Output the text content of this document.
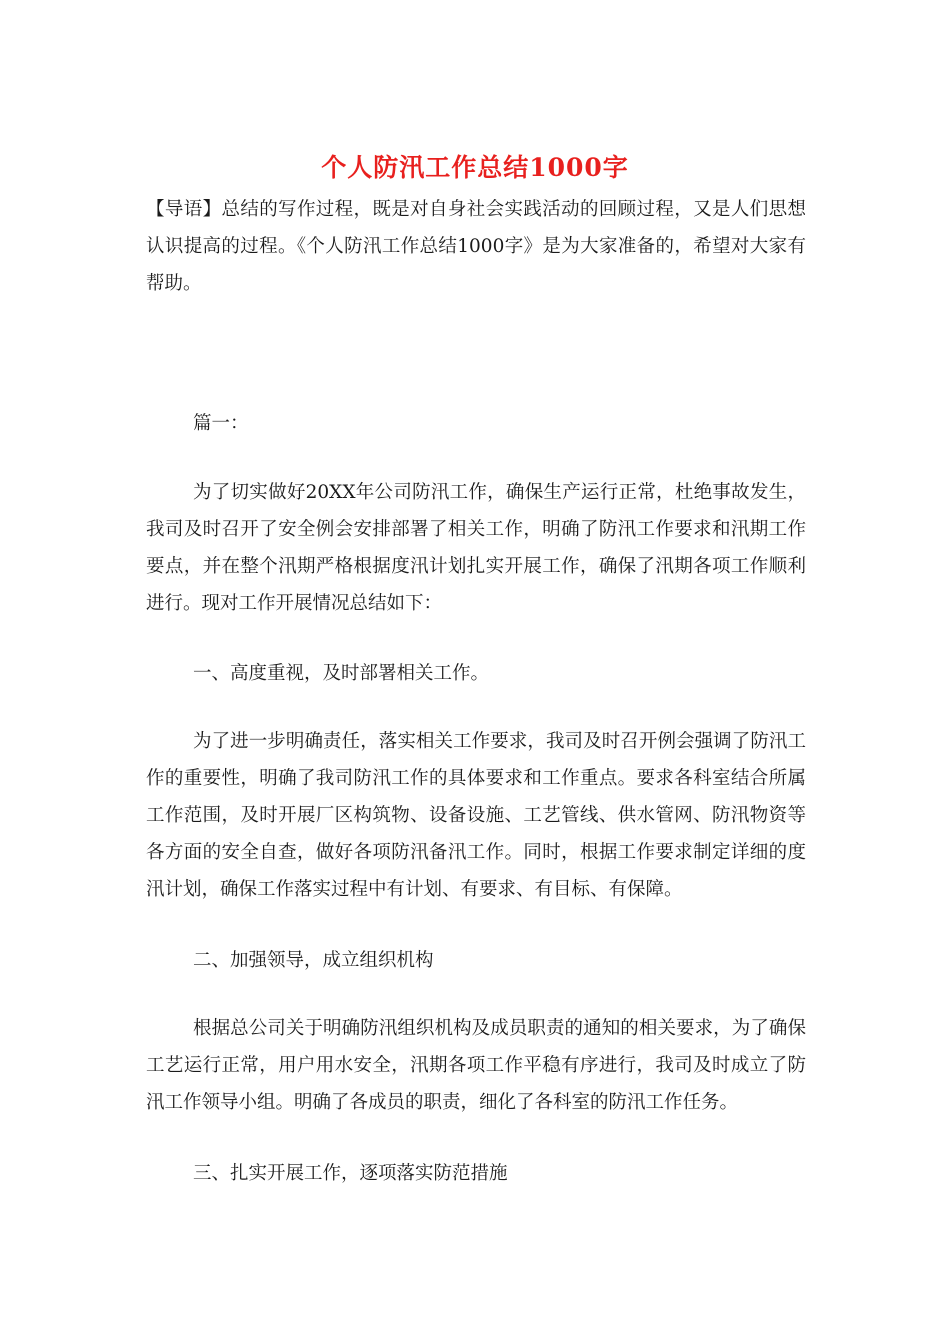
个人防汛工作总结1000字
【导语】总结的写作过程，既是对自身社会实践活动的回顾过程，又是人们思想认识提高的过程。《个人防汛工作总结1000字》是为大家准备的，希望对大家有帮助。
篇一：
为了切实做好20XX年公司防汛工作，确保生产运行正常，杜绝事故发生，我司及时召开了安全例会安排部署了相关工作，明确了防汛工作要求和汛期工作要点，并在整个汛期严格根据度汛计划扎实开展工作，确保了汛期各项工作顺利进行。现对工作开展情况总结如下：
一、高度重视，及时部署相关工作。
为了进一步明确责任，落实相关工作要求，我司及时召开例会强调了防汛工作的重要性，明确了我司防汛工作的具体要求和工作重点。要求各科室结合所属工作范围，及时开展厂区构筑物、设备设施、工艺管线、供水管网、防汛物资等各方面的安全自查，做好各项防汛备汛工作。同时，根据工作要求制定详细的度汛计划，确保工作落实过程中有计划、有要求、有目标、有保障。
二、加强领导，成立组织机构
根据总公司关于明确防汛组织机构及成员职责的通知的相关要求，为了确保工艺运行正常，用户用水安全，汛期各项工作平稳有序进行，我司及时成立了防汛工作领导小组。明确了各成员的职责，细化了各科室的防汛工作任务。
三、扎实开展工作，逐项落实防范措施
